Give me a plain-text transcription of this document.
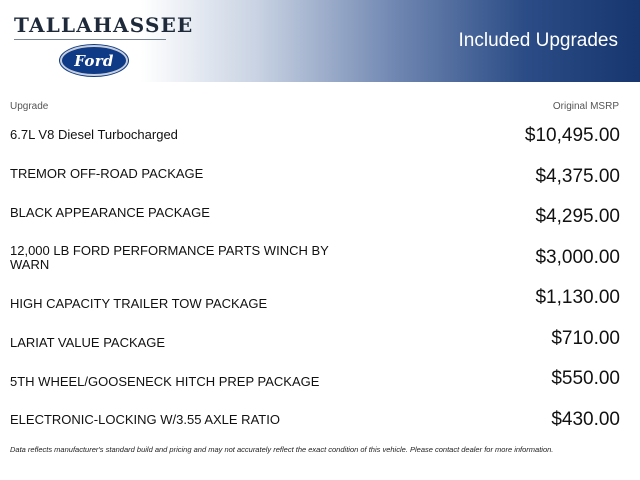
TALLAHASSEE
Ford
Included Upgrades
Upgrade	Original MSRP
6.7L V8 Diesel Turbocharged	$10,495.00
TREMOR OFF-ROAD PACKAGE	$4,375.00
BLACK APPEARANCE PACKAGE	$4,295.00
12,000 LB FORD PERFORMANCE PARTS WINCH BY WARN	$3,000.00
HIGH CAPACITY TRAILER TOW PACKAGE	$1,130.00
LARIAT VALUE PACKAGE	$710.00
5TH WHEEL/GOOSENECK HITCH PREP PACKAGE	$550.00
ELECTRONIC-LOCKING W/3.55 AXLE RATIO	$430.00
Data reflects manufacturer's standard build and pricing and may not accurately reflect the exact condition of this vehicle. Please contact dealer for more information.
